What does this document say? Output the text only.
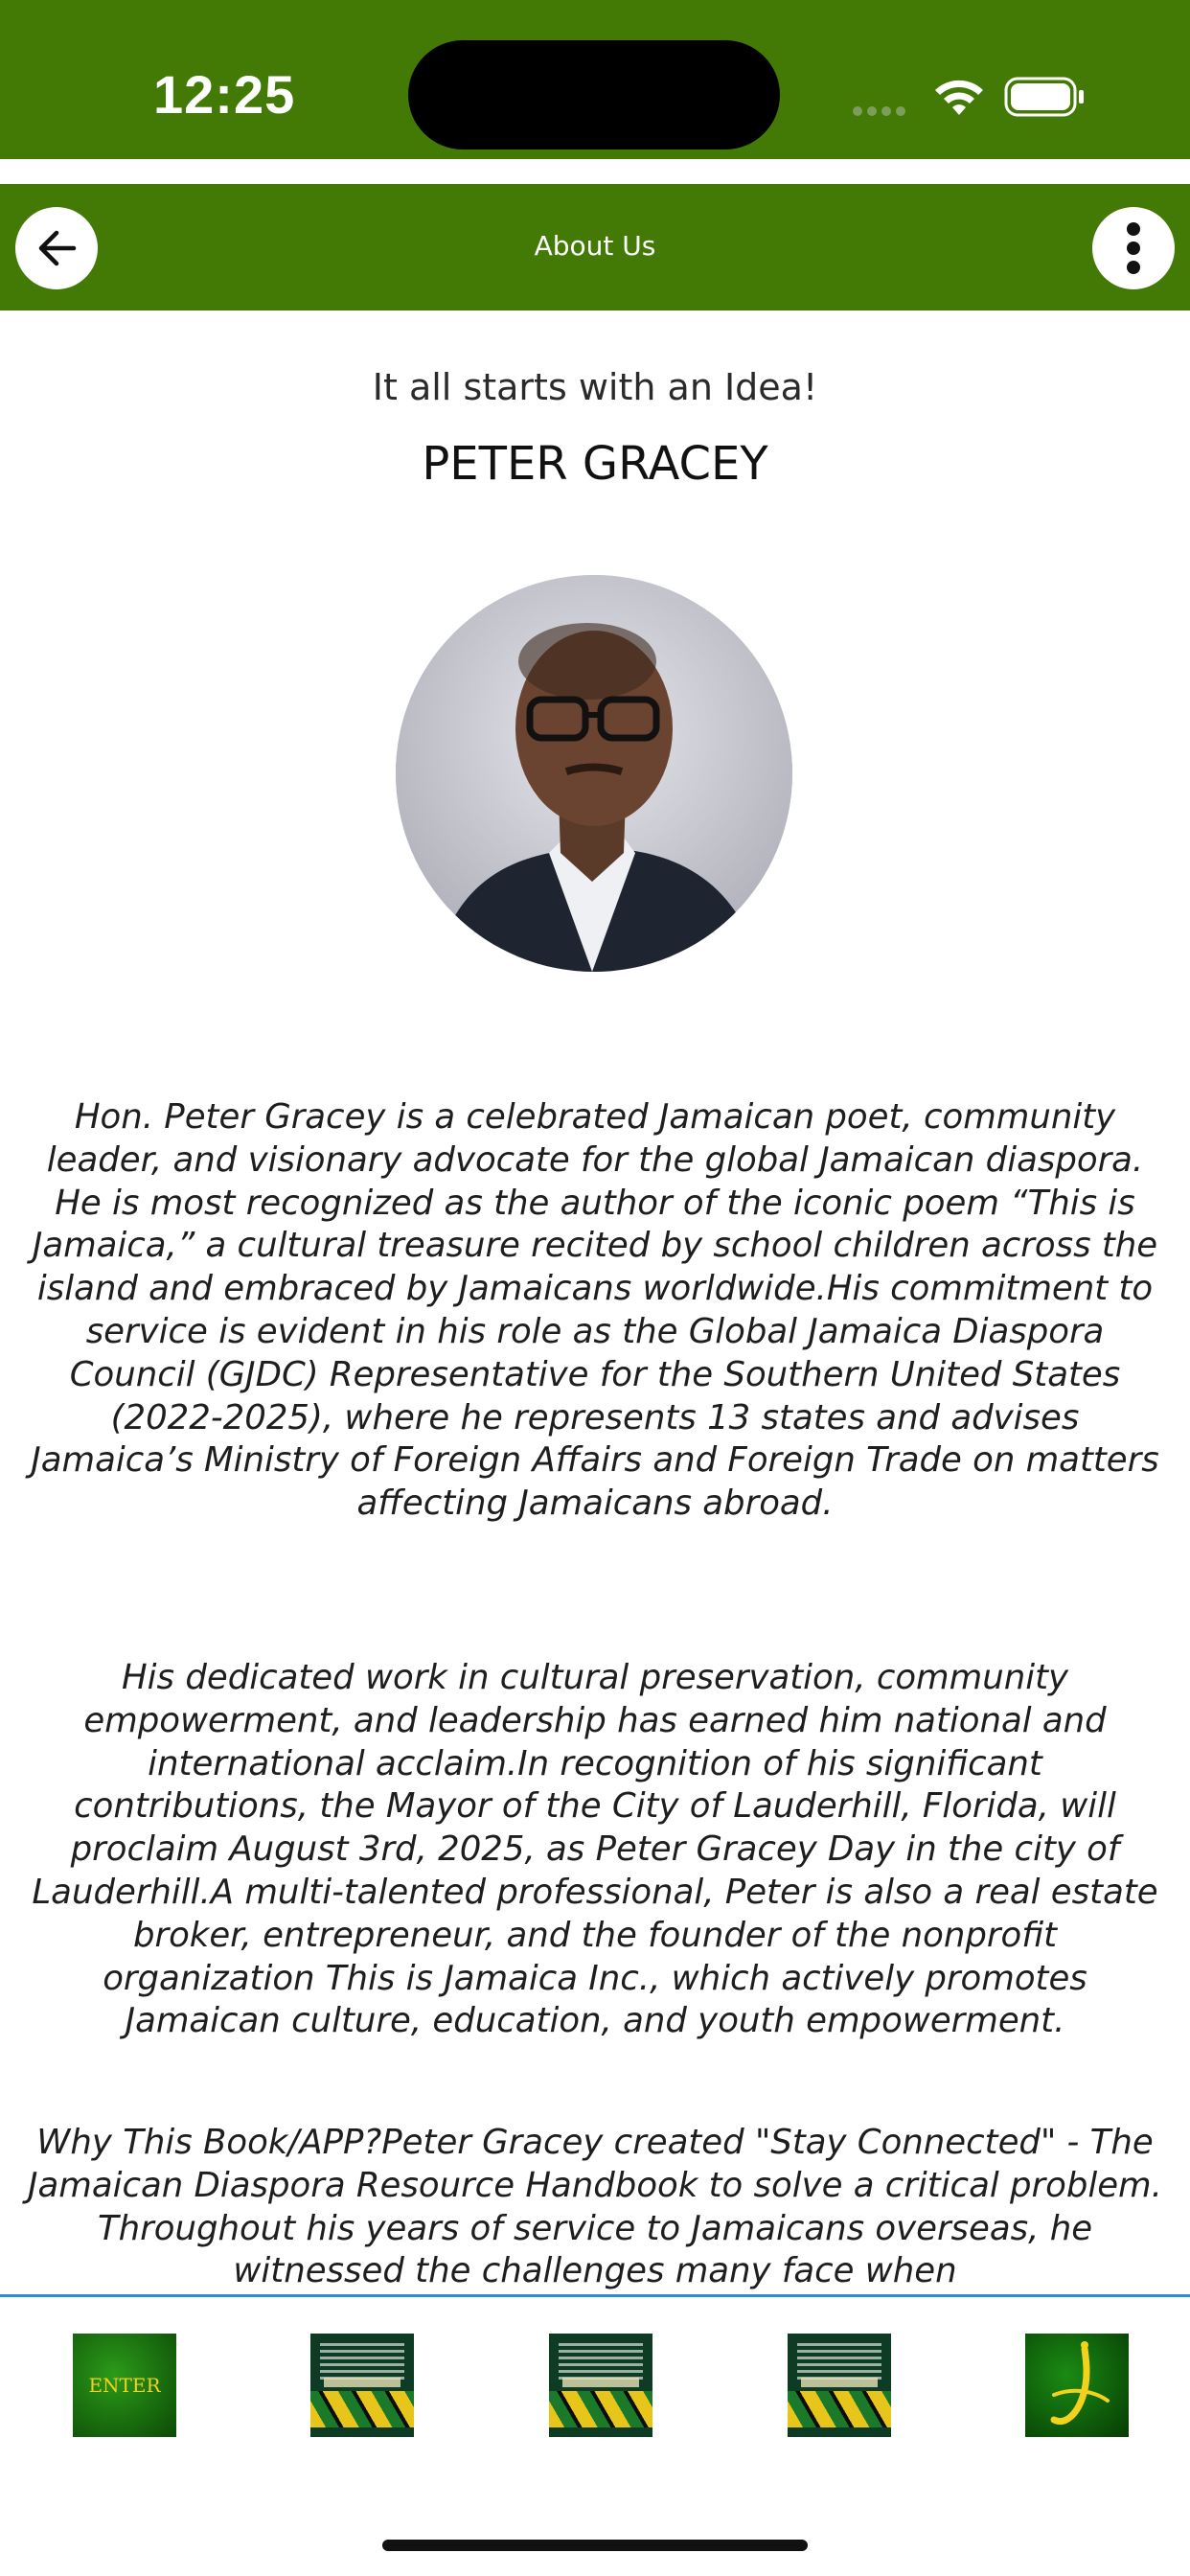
12:25
About Us
It all starts with an Idea!
PETER GRACEY

Hon. Peter Gracey is a celebrated Jamaican poet, community leader, and visionary advocate for the global Jamaican diaspora. He is most recognized as the author of the iconic poem “This is Jamaica,” a cultural treasure recited by school children across the island and embraced by Jamaicans worldwide.His commitment to service is evident in his role as the Global Jamaica Diaspora Council (GJDC) Representative for the Southern United States (2022-2025), where he represents 13 states and advises Jamaica’s Ministry of Foreign Affairs and Foreign Trade on matters affecting Jamaicans abroad.

His dedicated work in cultural preservation, community empowerment, and leadership has earned him national and international acclaim.In recognition of his significant contributions, the Mayor of the City of Lauderhill, Florida, will proclaim August 3rd, 2025, as Peter Gracey Day in the city of Lauderhill.A multi-talented professional, Peter is also a real estate broker, entrepreneur, and the founder of the nonprofit organization This is Jamaica Inc., which actively promotes Jamaican culture, education, and youth empowerment.

Why This Book/APP?Peter Gracey created "Stay Connected" - The Jamaican Diaspora Resource Handbook to solve a critical problem. Throughout his years of service to Jamaicans overseas, he witnessed the challenges many face when

ENTER
